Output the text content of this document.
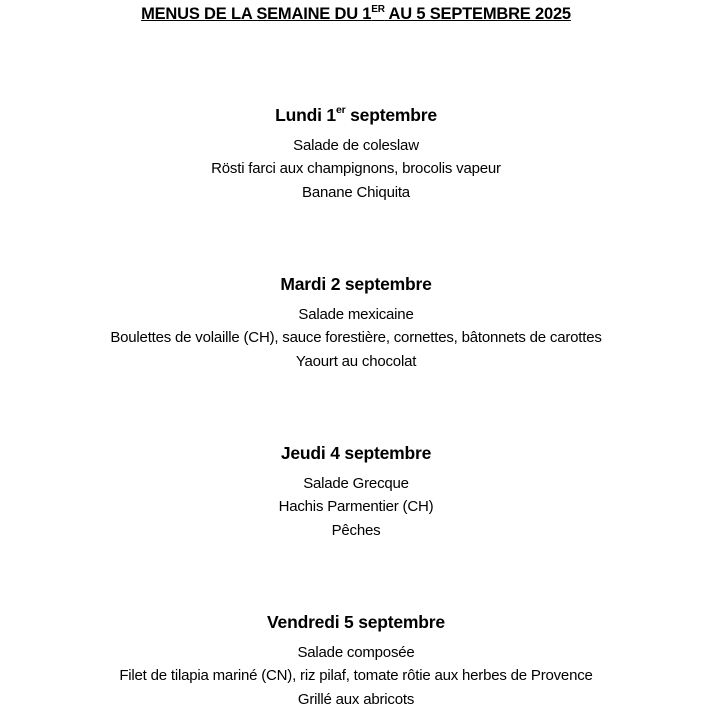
MENUS DE LA SEMAINE DU 1ER AU 5 SEPTEMBRE 2025
Lundi 1er septembre
Salade de coleslaw
Rösti farci aux champignons, brocolis vapeur
Banane Chiquita
Mardi 2 septembre
Salade mexicaine
Boulettes de volaille (CH), sauce forestière, cornettes, bâtonnets de carottes
Yaourt au chocolat
Jeudi 4 septembre
Salade Grecque
Hachis Parmentier (CH)
Pêches
Vendredi 5 septembre
Salade composée
Filet de tilapia mariné (CN), riz pilaf, tomate rôtie aux herbes de Provence
Grillé aux abricots
